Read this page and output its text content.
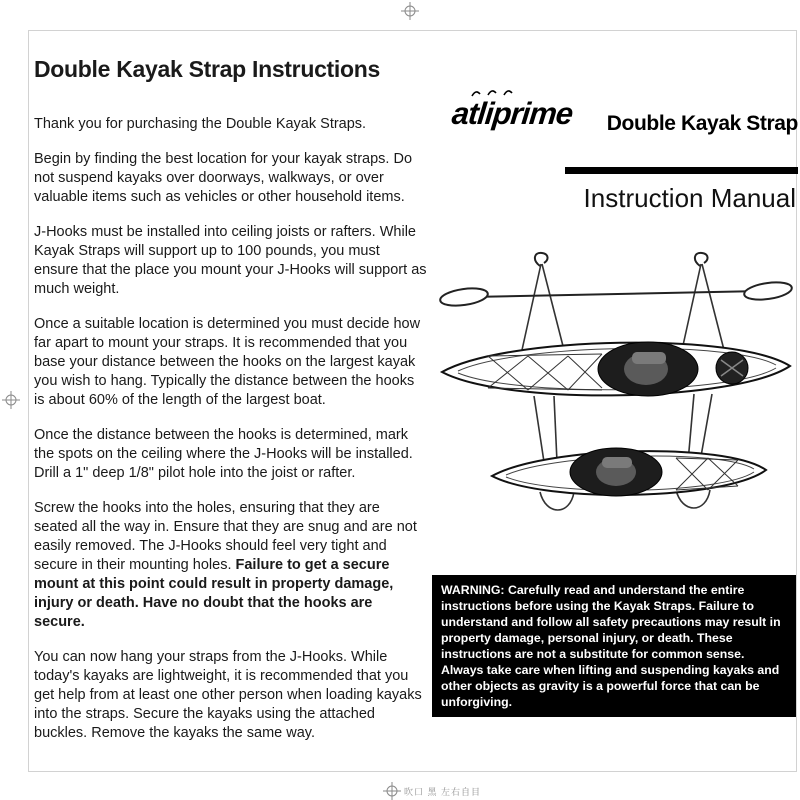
吹口 黑 左右自目
Double Kayak Strap Instructions

Thank you for purchasing the Double Kayak Straps.

Begin by finding the best location for your kayak straps. Do not suspend kayaks over doorways, walkways, or over valuable items such as vehicles or other household items.

J-Hooks must be installed into ceiling joists or rafters. While Kayak Straps will support up to 100 pounds, you must ensure that the place you mount your J-Hooks will support as much weight.

Once a suitable location is determined you must decide how far apart to mount your straps. It is recommended that you base your distance between the hooks on the largest kayak you wish to hang. Typically the distance between the hooks is about 60% of the length of the largest boat.

Once the distance between the hooks is determined, mark the spots on the ceiling where the J-Hooks will be installed. Drill a 1" deep 1/8" pilot hole into the joist or rafter.

Screw the hooks into the holes, ensuring that they are seated all the way in. Ensure that they are snug and are not easily removed. The J-Hooks should feel very tight and secure in their mounting holes. Failure to get a secure mount at this point could result in property damage, injury or death. Have no doubt that the hooks are secure.

You can now hang your straps from the J-Hooks. While today's kayaks are lightweight, it is recommended that you get help from at least one other person when loading kayaks into the straps. Secure the kayaks using the attached buckles. Remove the kayaks the same way.

atliprime	Double Kayak Strap
Instruction Manual
WARNING: Carefully read and understand the entire instructions before using the Kayak Straps. Failure to understand and follow all safety precautions may result in property damage, personal injury, or death. These instructions are not a substitute for common sense. Always take care when lifting and suspending kayaks and other objects as gravity is a powerful force that can be unforgiving.
